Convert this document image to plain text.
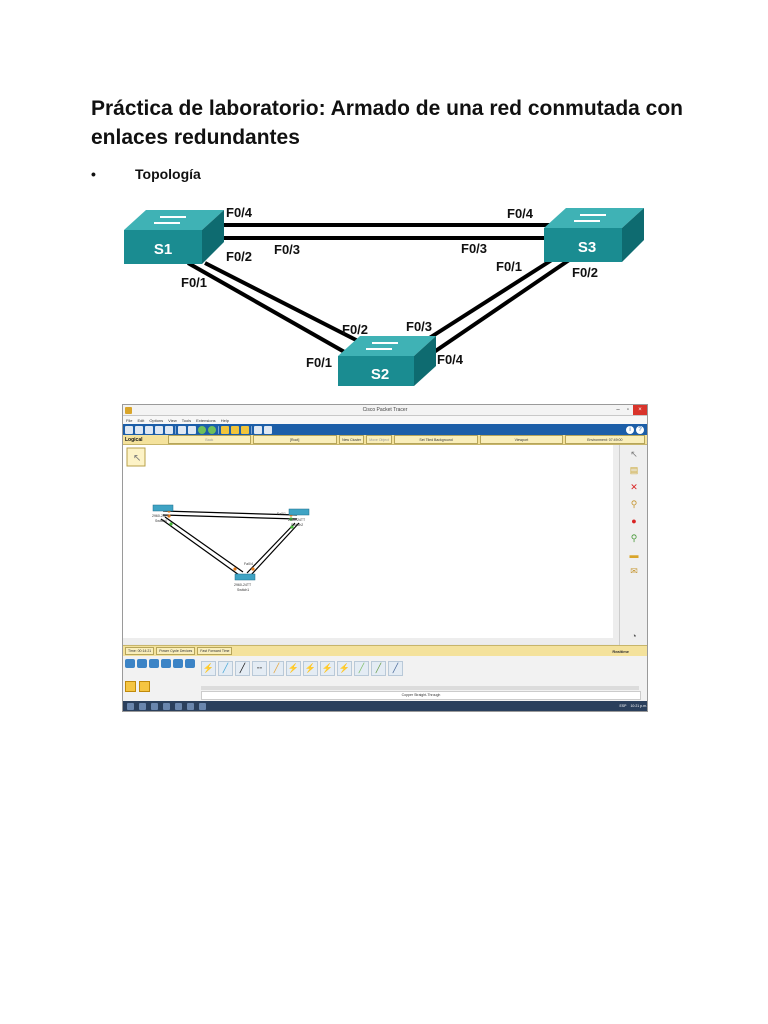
Práctica de laboratorio: Armado de una red conmutada con enlaces redundantes
•	Topología
S1	S3
S2
F0/4
F0/3
F0/2
F0/1
F0/4
F0/3
F0/1	F0/2
F0/2	F0/3
F0/1	F0/4
Cisco Packet Tracer	–	▫	×
File Edit Options View Tools Extensions Help
i	?
Logical	Back	[Root]	New Cluster	Move Object	Set Tiled Background	Viewport	Environment: 07:49:00
↖
2960-24TT
Switch0	2960-24TT
Switch2
2960-24TT
Switch1
Fa0/1
Fa0/4
↖
▤
✕
⚲
●
⚲
▬
✉
◔
Time: 00:14:21	Power Cycle Devices	Fast Forward Time	Realtime
⚡ ╱	╱	╌	╱ ⚡ ⚡ ⚡ ⚡ ╱	╱	╱
Copper Straight-Through
ESP 10:21 p.m.
